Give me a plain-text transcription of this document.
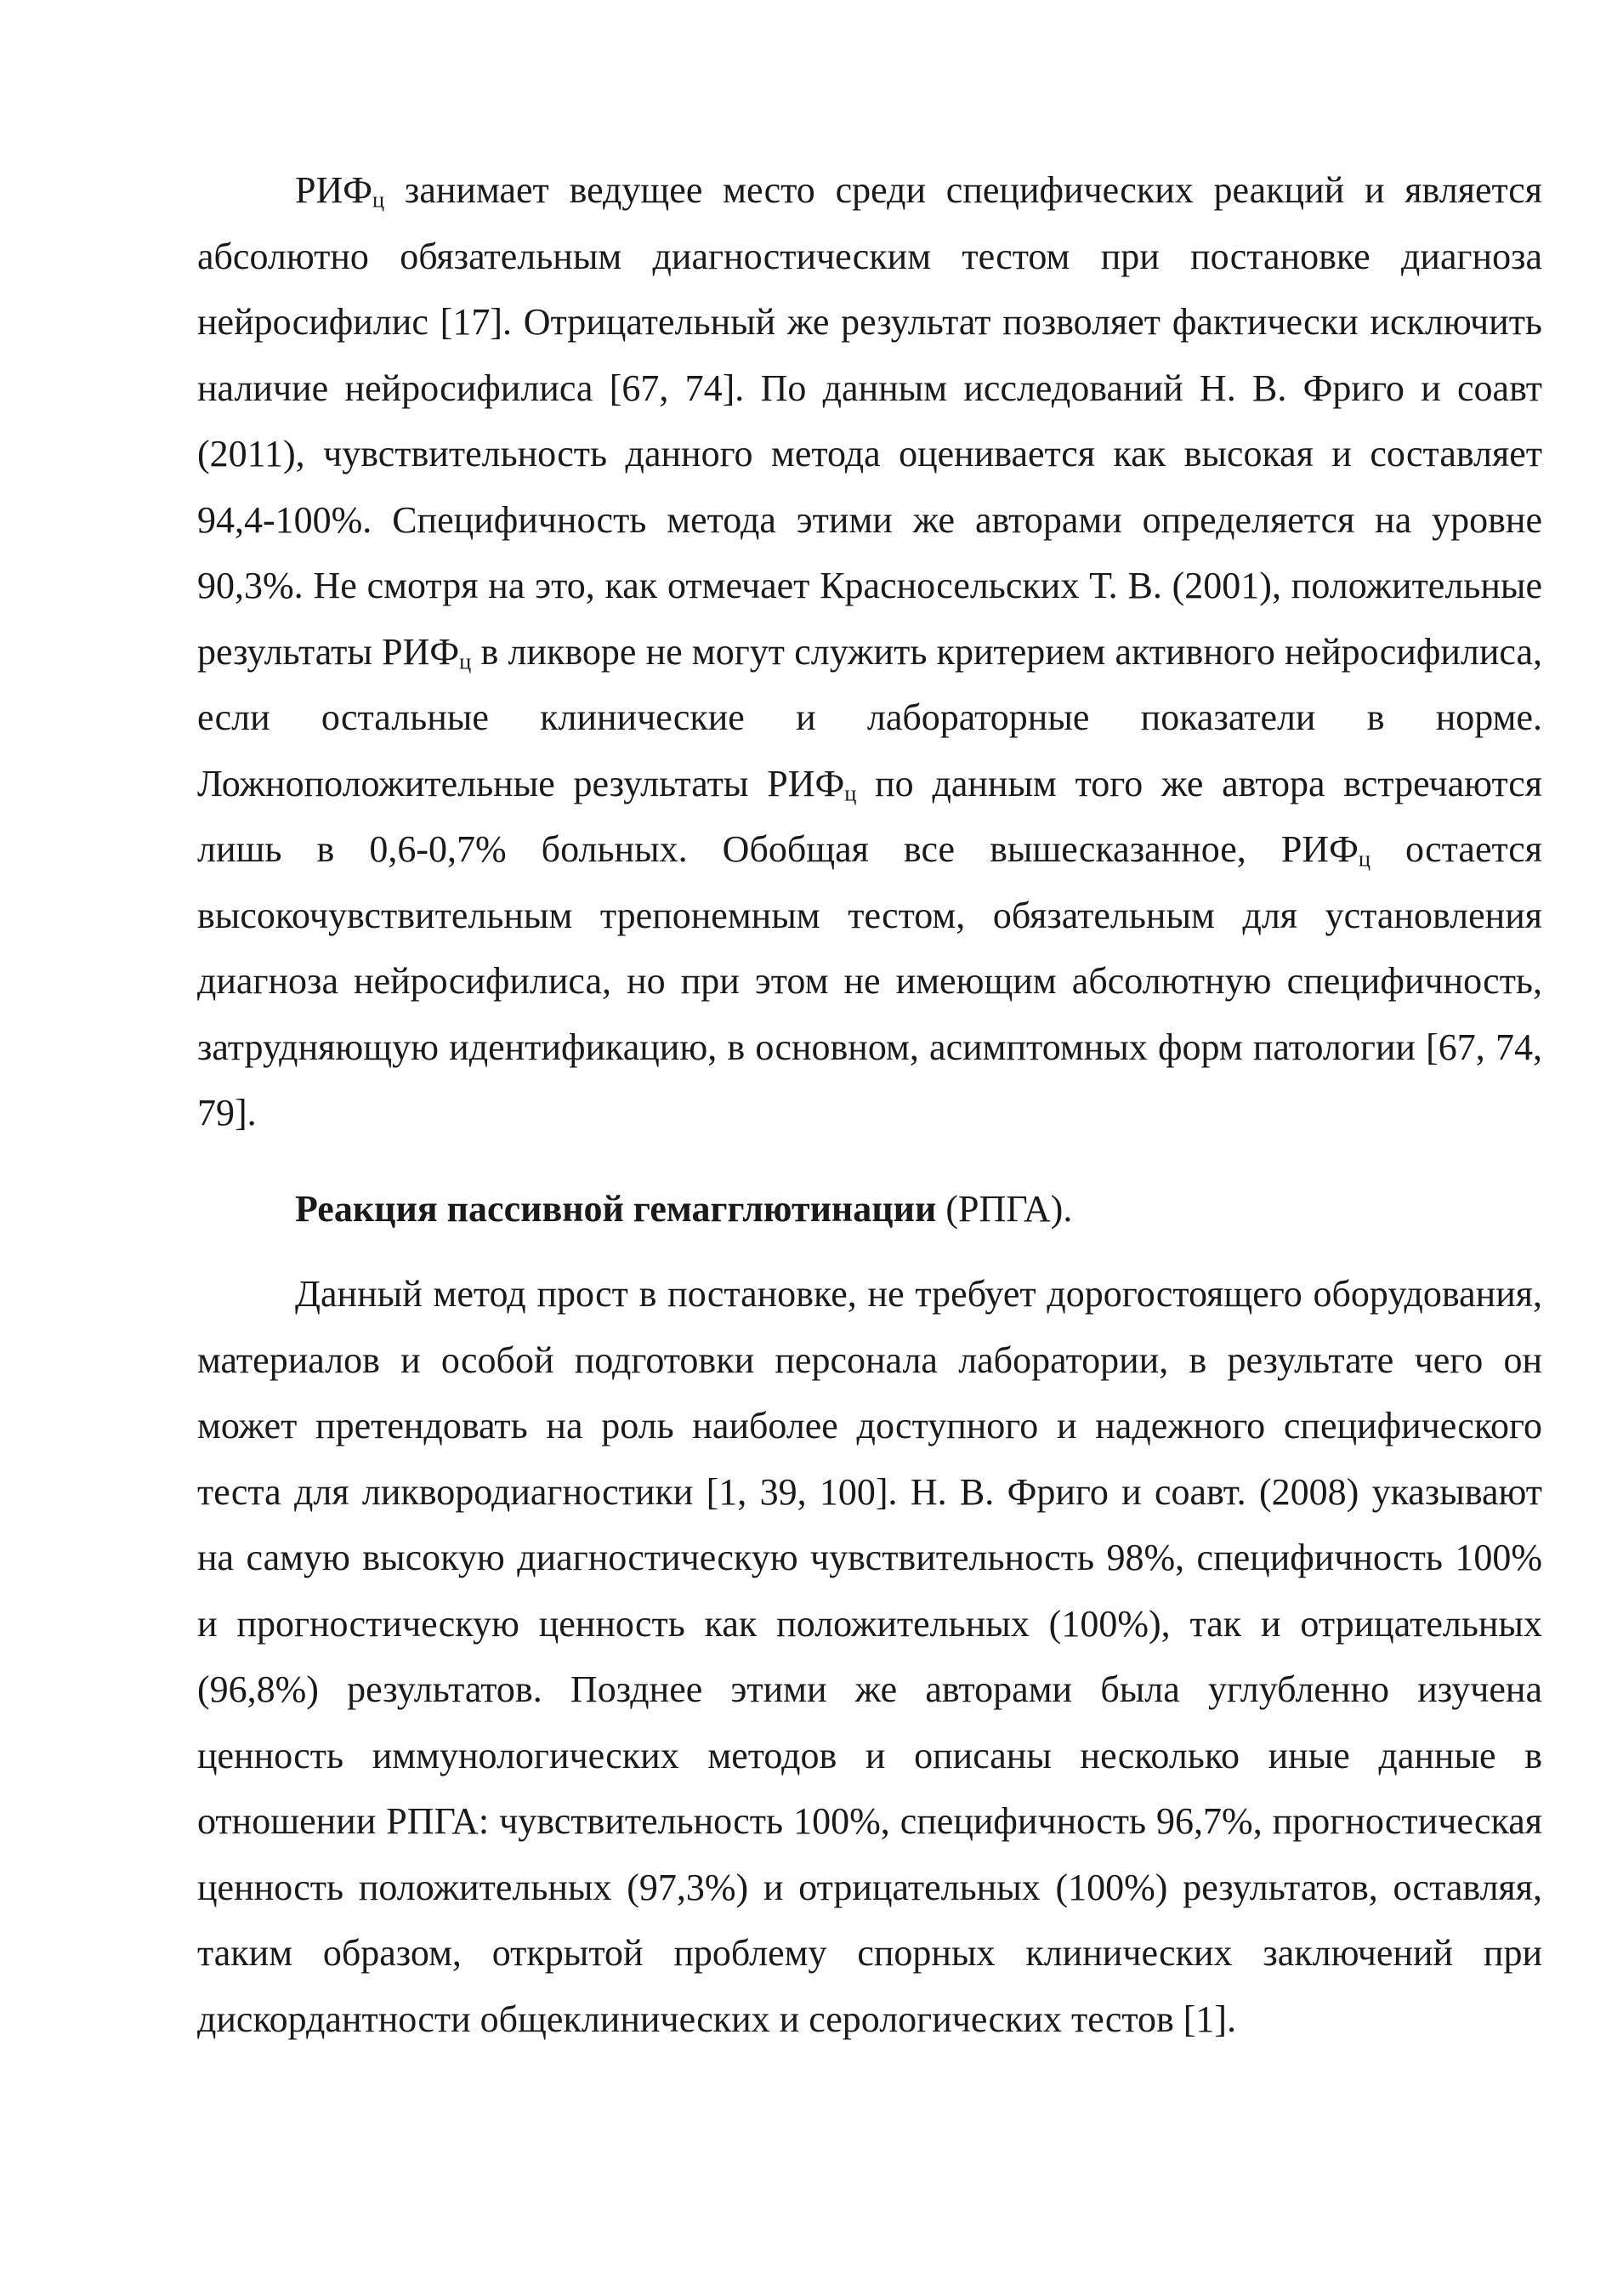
$РИФ_ц$ занимает ведущее место среди специфических реакций и является абсолютно обязательным диагностическим тестом при постановке диагноза нейросифилис [17]. Отрицательный же результат позволяет фактически исключить наличие нейросифилиса [67, 74]. По данным исследований Н. В. Фриго и соавт (2011), чувствительность данного метода оценивается как высокая и составляет 94,4-100%. Специфичность метода этими же авторами определяется на уровне 90,3%. Не смотря на это, как отмечает Красносельских Т. В. (2001), положительные результаты $РИФ_ц$ в ликворе не могут служить критерием активного нейросифилиса, если остальные клинические и лабораторные показатели в норме. Ложноположительные результаты $РИФ_ц$ по данным того же автора встречаются лишь в 0,6-0,7% больных. Обобщая все вышесказанное, $РИФ_ц$ остается высокочувствительным трепонемным тестом, обязательным для установления диагноза нейросифилиса, но при этом не имеющим абсолютную специфичность, затрудняющую идентификацию, в основном, асимптомных форм патологии [67, 74, 79].

Реакция пассивной гемагглютинации (РПГА).

Данный метод прост в постановке, не требует дорогостоящего оборудования, материалов и особой подготовки персонала лаборатории, в результате чего он может претендовать на роль наиболее доступного и надежного специфического теста для ликвородиагностики [1, 39, 100]. Н. В. Фриго и соавт. (2008) указывают на самую высокую диагностическую чувствительность 98%, специфичность 100% и прогностическую ценность как положительных (100%), так и отрицательных (96,8%) результатов. Позднее этими же авторами была углубленно изучена ценность иммунологических методов и описаны несколько иные данные в отношении РПГА: чувствительность 100%, специфичность 96,7%, прогностическая ценность положительных (97,3%) и отрицательных (100%) результатов, оставляя, таким образом, открытой проблему спорных клинических заключений при дискордантности общеклинических и серологических тестов [1].
